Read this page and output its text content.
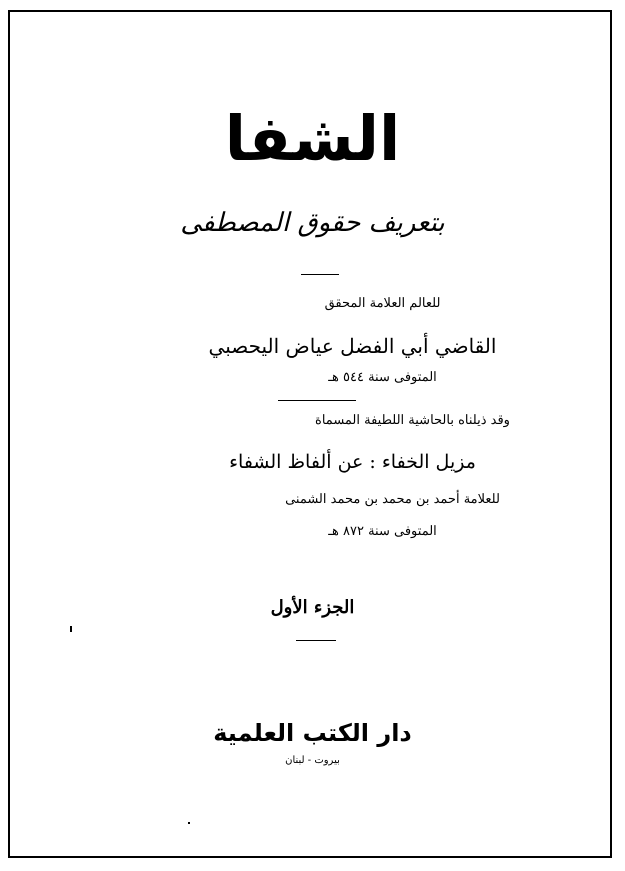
الشفا
بتعريف حقوق المصطفى
للعالم العلامة المحقق
القاضي أبي الفضل عياض اليحصبي
المتوفى سنة ٥٤٤ هـ
وقد ذيلناه بالحاشية اللطيفة المسماة
مزيل الخفاء : عن ألفاظ الشفاء
للعلامة أحمد بن محمد بن محمد الشمنى
المتوفى سنة ٨٧٢ هـ
الجزء الأول
دار الكتب العلمية
بيروت - لبنان
